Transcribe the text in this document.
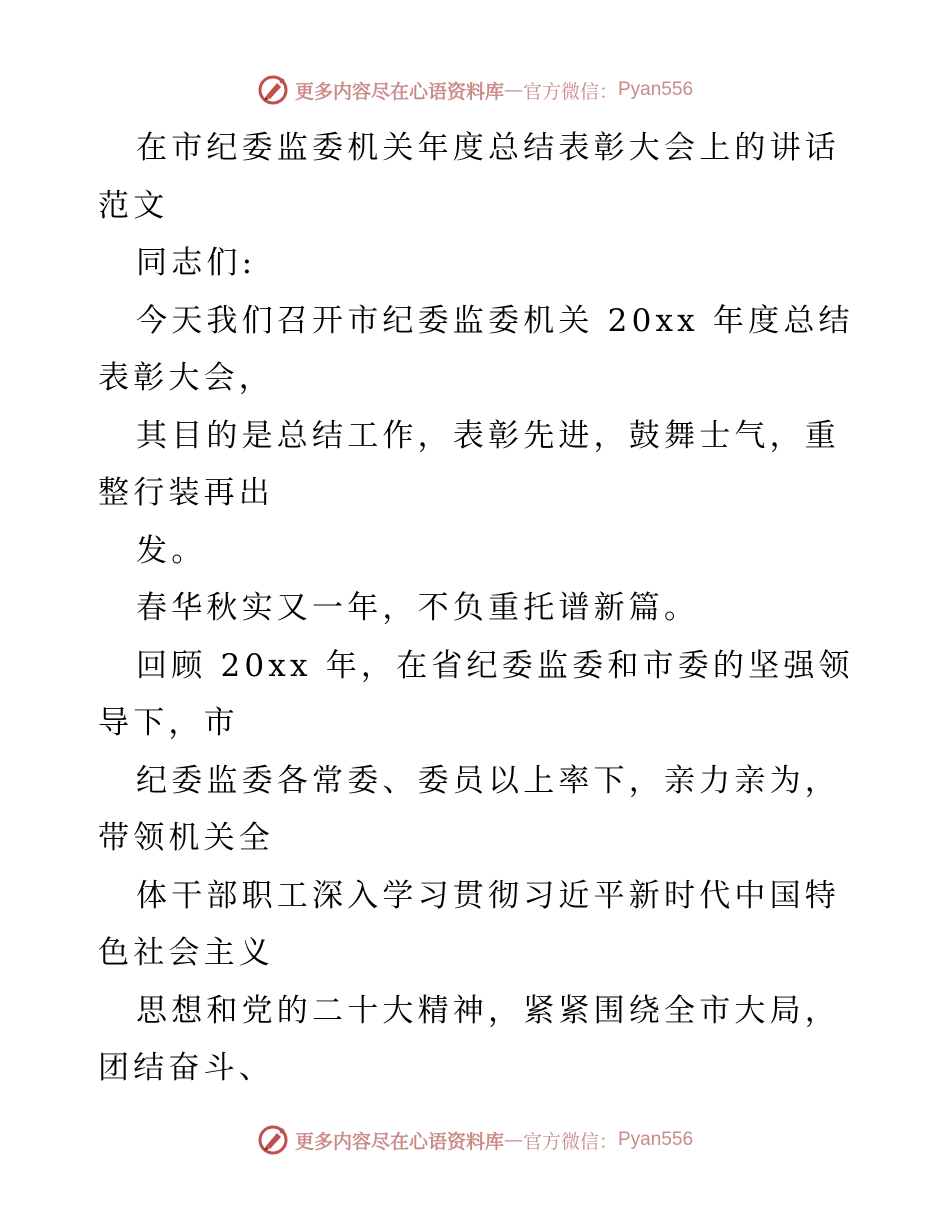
更多内容尽在心语资料库 — 官方微信： Pyan556

在市纪委监委机关年度总结表彰大会上的讲话范文

同志们:

今天我们召开市纪委监委机关 20xx 年度总结表彰大会，

其目的是总结工作，表彰先进，鼓舞士气，重整行装再出

发。

春华秋实又一年，不负重托谱新篇。

回顾 20xx 年，在省纪委监委和市委的坚强领导下，市

纪委监委各常委、委员以上率下，亲力亲为，带领机关全

体干部职工深入学习贯彻习近平新时代中国特色社会主义

思想和党的二十大精神，紧紧围绕全市大局，团结奋斗、

更多内容尽在心语资料库 — 官方微信： Pyan556
